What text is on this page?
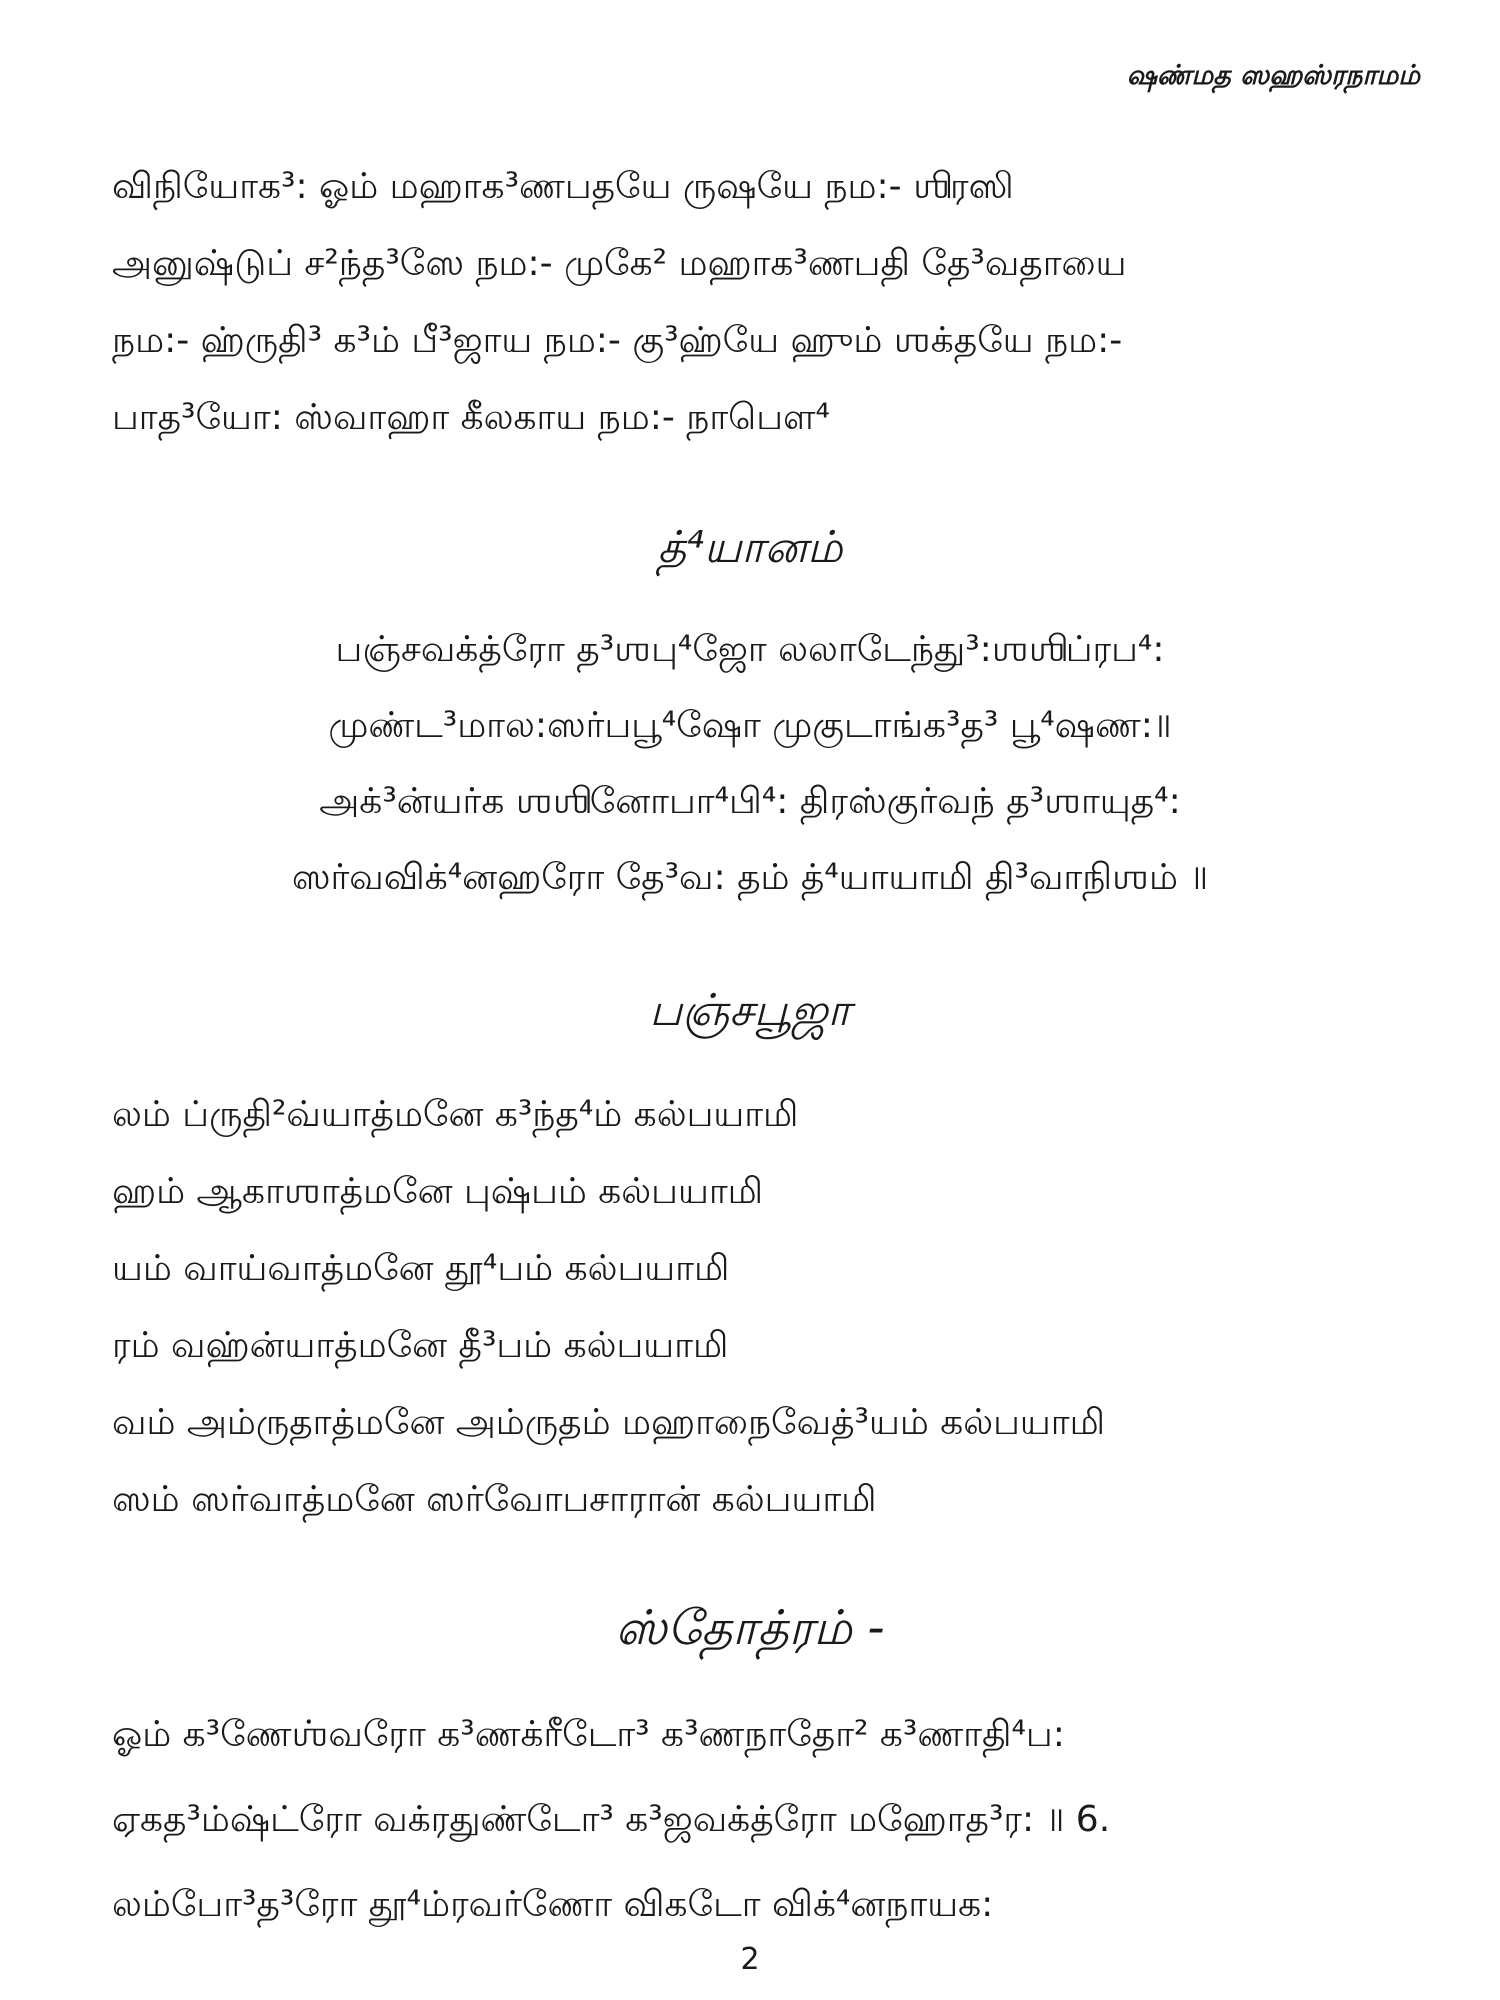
ஷண்மத ஸஹஸ்ரநாமம்
விநியோக³: ஓம் மஹாக³ணபதயே ருஷயே நம:- ஶிரஸி
அனுஷ்டுப் ச²ந்த³ஸே நம:- முகே² மஹாக³ணபதி தே³வதாயை
நம:- ஹ்ருதி³ க³ம் பீ³ஜாய நம:- கு³ஹ்யே ஹும் ஶக்தயே நம:-
பாத³யோ: ஸ்வாஹா கீலகாய நம:- நாபௌ⁴
த்⁴யானம்
பஞ்சவக்த்ரோ த³ஶபு⁴ஜோ லலாடேந்து³:ஶஶிப்ரப⁴:
முண்ட³மால:ஸர்பபூ⁴ஷோ முகுடாங்க³த³ பூ⁴ஷண:॥
அக்³ன்யர்க ஶஶினோபா⁴பி⁴: திரஸ்குர்வந் த³ஶாயுத⁴:
ஸர்வவிக்⁴னஹரோ தே³வ: தம் த்⁴யாயாமி தி³வாநிஶம் ॥
பஞ்சபூஜா
லம் ப்ருதி²வ்யாத்மனே க³ந்த⁴ம் கல்பயாமி
ஹம் ஆகாஶாத்மனே புஷ்பம் கல்பயாமி
யம் வாய்வாத்மனே தூ⁴பம் கல்பயாமி
ரம் வஹ்ன்யாத்மனே தீ³பம் கல்பயாமி
வம் அம்ருதாத்மனே அம்ருதம் மஹாநைவேத்³யம் கல்பயாமி
ஸம் ஸர்வாத்மனே ஸர்வோபசாரான் கல்பயாமி
ஸ்தோத்ரம் -
ஓம் க³ணேஶ்வரோ க³ணக்ரீடோ³ க³ணநாதோ² க³ணாதி⁴ப:
ஏகத³ம்ஷ்ட்ரோ வக்ரதுண்டோ³ க³ஜவக்த்ரோ மஹோத³ர: ॥ 6.
லம்போ³த³ரோ தூ⁴ம்ரவர்ணோ விகடோ விக்⁴னநாயக:
2
